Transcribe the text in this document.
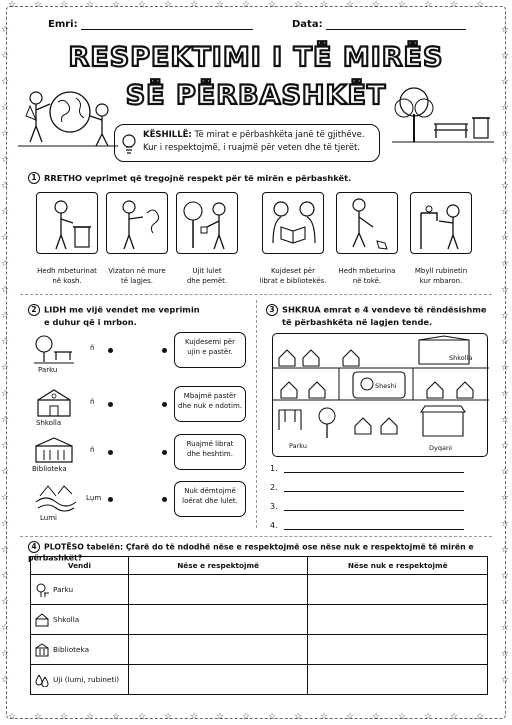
☆
☆
☆
☆
☆
☆
☆
☆
☆
☆
☆
☆
☆
☆
☆
☆
☆
☆
☆
☆
☆
☆
☆
☆
☆
☆
☆
☆
☆
☆
☆
☆
☆
☆
☆
☆
☆
☆
☆	☆
☆	☆
☆	☆
☆	☆
☆	☆
☆	☆
☆	☆
☆	☆
☆	☆
☆	☆
☆	☆
☆	☆
☆	☆
☆	☆
☆	☆
☆	☆
☆	☆
☆	☆
☆	☆
☆	☆
☆	☆
☆	☆
☆	☆
☆	☆
☆	☆
☆	☆
Emri:	Data:
RESPEKTIMI I TË MIRËS
SË PËRBASHKËT
KËSHILLË: Të mirat e përbashkëta janë të gjithëve.
Kur i respektojmë, i ruajmë për veten dhe të tjerët.
1 RRETHO veprimet që tregojnë respekt për të mirën e përbashkët.
Hedh mbeturinat
në kosh.
Vizaton në mure
të lagjes.
Ujit lulet
dhe pemët.
Kujdeset për
librat e bibliotekës.
Hedh mbeturina
në tokë.
Mbyll rubinetin
kur mbaron.
2 LIDH me vijë vendet me veprimin
e duhur që i mrbon.
Parku
ñ
Shkolla
ñ
Biblioteka
ñ
Lumi
Lụm
Kujdesemi për
ujin e pastër.
Mbajmë pastër
dhe nuk e ndotim.
Ruajmë librat
dhe heshtim.
Nuk dëmtojmë
loërat dhe lulet.
3 SHKRUA emrat e 4 vendeve të rëndësishme
të përbashkëta në lagjen tende.
Shkolla
Sheshi
Parku	Dyqani
1.
2.
3.
4.
4 PLOTËSO tabelën: Çfarë do të ndodhë nëse e respektojmë ose nëse nuk e respektojmë të mirën e përbashkët?
Vendi	Nëse e respektojmë	Nëse nuk e respektojmë

Parku		

Shkolla		

Biblioteka		

Uji (lumi, rubineti)		
